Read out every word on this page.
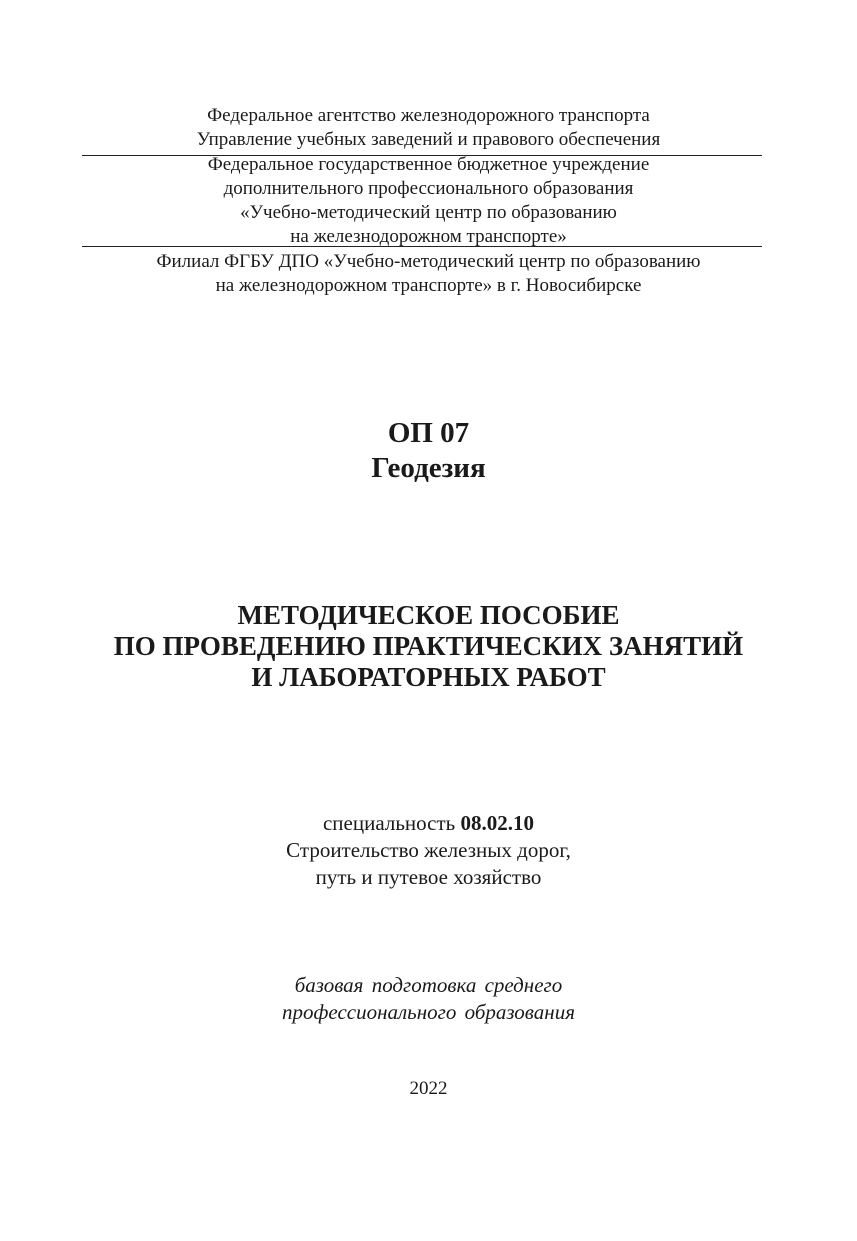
Федеральное агентство железнодорожного транспорта
Управление учебных заведений и правового обеспечения
Федеральное государственное бюджетное учреждение
дополнительного профессионального образования
«Учебно-методический центр по образованию
на железнодорожном транспорте»
Филиал ФГБУ ДПО «Учебно-методический центр по образованию
на железнодорожном транспорте» в г. Новосибирске
ОП 07
Геодезия
МЕТОДИЧЕСКОЕ ПОСОБИЕ
ПО ПРОВЕДЕНИЮ ПРАКТИЧЕСКИХ ЗАНЯТИЙ
И ЛАБОРАТОРНЫХ РАБОТ
специальность 08.02.10
Строительство железных дорог,
путь и путевое хозяйство
базовая подготовка среднего
профессионального образования
2022
